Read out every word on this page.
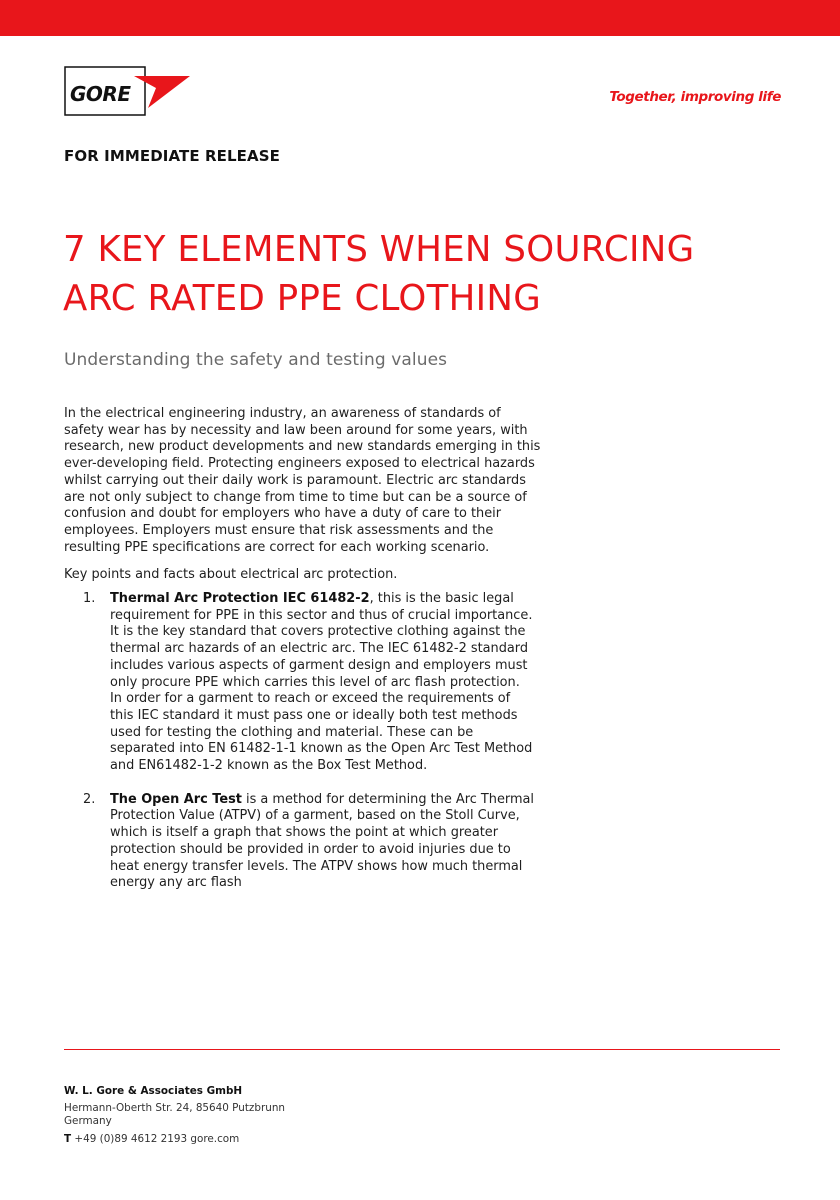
GORE	Together, improving life
FOR IMMEDIATE RELEASE
7 KEY ELEMENTS WHEN SOURCING
ARC RATED PPE CLOTHING
Understanding the safety and testing values

In the electrical engineering industry, an awareness of standards of safety wear has by necessity and law been around for some years, with research, new product developments and new standards emerging in this ever-developing field. Protecting engineers exposed to electrical hazards whilst carrying out their daily work is paramount. Electric arc standards are not only subject to change from time to time but can be a source of confusion and doubt for employers who have a duty of care to their employees. Employers must ensure that risk assessments and the resulting PPE specifications are correct for each working scenario.

Key points and facts about electrical arc protection.

1. Thermal Arc Protection IEC 61482-2, this is the basic legal requirement for PPE in this sector and thus of crucial importance. It is the key standard that covers protective clothing against the thermal arc hazards of an electric arc. The IEC 61482-2 standard includes various aspects of garment design and employers must only procure PPE which carries this level of arc flash protection. In order for a garment to reach or exceed the requirements of this IEC standard it must pass one or ideally both test methods used for testing the clothing and material. These can be separated into EN 61482-1-1 known as the Open Arc Test Method and EN61482-1-2 known as the Box Test Method.
2. The Open Arc Test is a method for determining the Arc Thermal Protection Value (ATPV) of a garment, based on the Stoll Curve, which is itself a graph that shows the point at which greater protection should be provided in order to avoid injuries due to heat energy transfer levels. The ATPV shows how much thermal energy any arc flash
W. L. Gore & Associates GmbH
Hermann-Oberth Str. 24, 85640 Putzbrunn
Germany
T +49 (0)89 4612 2193 gore.com
